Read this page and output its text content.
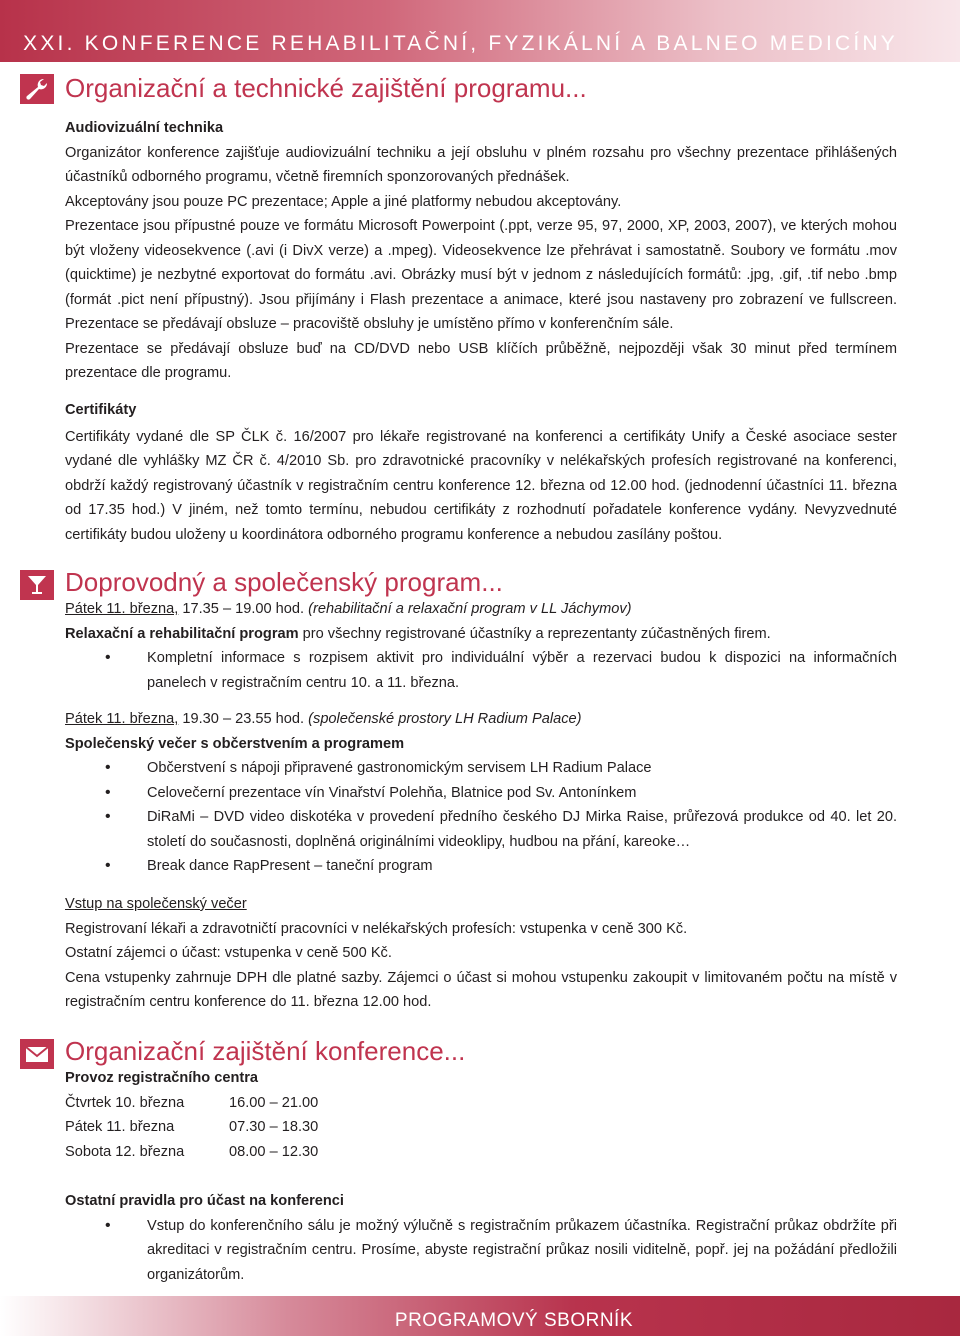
XXI. KONFERENCE REHABILITAČNÍ, FYZIKÁLNÍ A BALNEO MEDICÍNY
Organizační a technické zajištění programu...

Audiovizuální technika

Organizátor konference zajišťuje audiovizuální techniku a její obsluhu v plném rozsahu pro všechny prezentace přihlášených účastníků odborného programu, včetně firemních sponzorovaných přednášek.

Akceptovány jsou pouze PC prezentace; Apple a jiné platformy nebudou akceptovány.

Prezentace jsou přípustné pouze ve formátu Microsoft Powerpoint (.ppt, verze 95, 97, 2000, XP, 2003, 2007), ve kterých mohou být vloženy videosekvence (.avi (i DivX verze) a .mpeg). Videosekvence lze přehrávat i samostatně. Soubory ve formátu .mov (quicktime) je nezbytné exportovat do formátu .avi. Obrázky musí být v jednom z následujících formátů: .jpg, .gif, .tif nebo .bmp (formát .pict není přípustný). Jsou přijímány i Flash prezentace a animace, které jsou nastaveny pro zobrazení ve fullscreen. Prezentace se předávají obsluze – pracoviště obsluhy je umístěno přímo v konferenčním sále.

Prezentace se předávají obsluze buď na CD/DVD nebo USB klíčích průběžně, nejpozději však 30 minut před termínem prezentace dle programu.

Certifikáty

Certifikáty vydané dle SP ČLK č. 16/2007 pro lékaře registrované na konferenci a certifikáty Unify a České asociace sester vydané dle vyhlášky MZ ČR č. 4/2010 Sb. pro zdravotnické pracovníky v nelékařských profesích registrované na konferenci, obdrží každý registrovaný účastník v registračním centru konference 12. března od 12.00 hod. (jednodenní účastníci 11. března od 17.35 hod.) V jiném, než tomto termínu, nebudou certifikáty z rozhodnutí pořadatele konference vydány. Nevyzvednuté certifikáty budou uloženy u koordinátora odborného programu konference a nebudou zasílány poštou.

Doprovodný a společenský program...

Pátek 11. března, 17.35 – 19.00 hod. (rehabilitační a relaxační program v LL Jáchymov)

Relaxační a rehabilitační program pro všechny registrované účastníky a reprezentanty zúčastněných firem.

• Kompletní informace s rozpisem aktivit pro individuální výběr a rezervaci budou k dispozici na informačních panelech v registračním centru 10. a 11. března.

Pátek 11. března, 19.30 – 23.55 hod. (společenské prostory LH Radium Palace)

Společenský večer s občerstvením a programem

• Občerstvení s nápoji připravené gastronomickým servisem LH Radium Palace

• Celovečerní prezentace vín Vinařství Polehňa, Blatnice pod Sv. Antonínkem

• DiRaMi – DVD video diskotéka v provedení předního českého DJ Mirka Raise, průřezová produkce od 40. let 20. století do současnosti, doplněná originálními videoklipy, hudbou na přání, kareoke…

• Break dance RapPresent – taneční program

Vstup na společenský večer

Registrovaní lékaři a zdravotničtí pracovníci v nelékařských profesích: vstupenka v ceně 300 Kč.

Ostatní zájemci o účast: vstupenka v ceně 500 Kč.

Cena vstupenky zahrnuje DPH dle platné sazby. Zájemci o účast si mohou vstupenku zakoupit v limitovaném počtu na místě v registračním centru konference do 11. března 12.00 hod.

Organizační zajištění konference...

Provoz registračního centra

Čtvrtek 10. března	16.00 – 21.00
Pátek 11. března	07.30 – 18.30
Sobota 12. března	08.00 – 12.30

Ostatní pravidla pro účast na konferenci

• Vstup do konferenčního sálu je možný výlučně s registračním průkazem účastníka. Registrační průkaz obdržíte při akreditaci v registračním centru. Prosíme, abyste registrační průkaz nosili viditelně, popř. jej na požádání předložili organizátorům.

PROGRAMOVÝ SBORNÍK
